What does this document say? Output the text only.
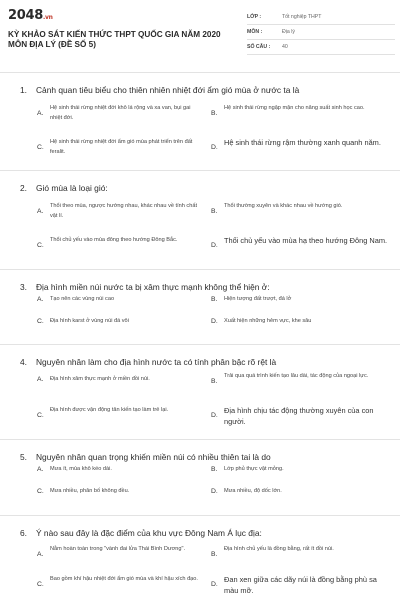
2048.vn
KỲ KHẢO SÁT KIẾN THỨC THPT QUỐC GIA NĂM 2020
MÔN ĐỊA LÝ (ĐỀ SỐ 5)
LỚP :	Tốt nghiệp THPT
MÔN :	Địa lý
SỐ CÂU :	40
1. Cảnh quan tiêu biểu cho thiên nhiên nhiệt đới ẩm gió mùa ở nước ta là
A.
Hệ sinh thái rừng nhiệt đới khô lá rộng và xa van, bụi gai nhiệt đới.
B.
Hệ sinh thái rừng ngập mặn cho năng suất sinh học cao.
C.
Hệ sinh thái rừng nhiệt đới ẩm gió mùa phát triển trên đất feralit.
D.
Hệ sinh thái rừng rậm thường xanh quanh năm.
2. Gió mùa là loại gió:
A.
Thổi theo mùa, ngược hướng nhau, khác nhau về tính chất vật lí.
B.
Thổi thường xuyên và khác nhau về hướng gió.
C.
Thổi chủ yếu vào mùa đông theo hướng Đông Bắc.
D.
Thổi chủ yếu vào mùa hạ theo hướng Đông Nam.
3. Địa hình miền núi nước ta bị xâm thực mạnh không thể hiện ở:
A. Tạo nên các vùng núi cao	B. Hiện tượng đất trượt, đá lở
C. Địa hình karst ở vùng núi đá vôi	D. Xuất hiện những hẻm vực, khe sâu
4. Nguyên nhân làm cho địa hình nước ta có tính phân bậc rõ rệt là
A. Địa hình xâm thực mạnh ở miền đồi núi.	B.
Trải qua quá trình kiến tạo lâu dài, tác động của ngoại lực.
C.
Địa hình được vận động tân kiến tạo làm trẻ lại.
D.
Địa hình chịu tác động thường xuyên của con người.
5. Nguyên nhân quan trọng khiến miền núi có nhiều thiên tai là do
A. Mưa ít, mùa khô kéo dài.	B. Lớp phủ thực vật mỏng.
C. Mưa nhiều, phân bố không đều.	D. Mưa nhiều, độ dốc lớn.
6. Ý nào sau đây là đặc điểm của khu vực Đông Nam Á lục địa:
A.
Nằm hoàn toàn trong "vành đai lửa Thái Bình Dương".
B.
Địa hình chủ yếu là đồng bằng, rất ít đồi núi.
C.
Bao gồm khí hậu nhiệt đới ẩm gió mùa và khí hậu xích đạo.
D.
Đan xen giữa các dãy núi là đồng bằng phù sa màu mỡ.
